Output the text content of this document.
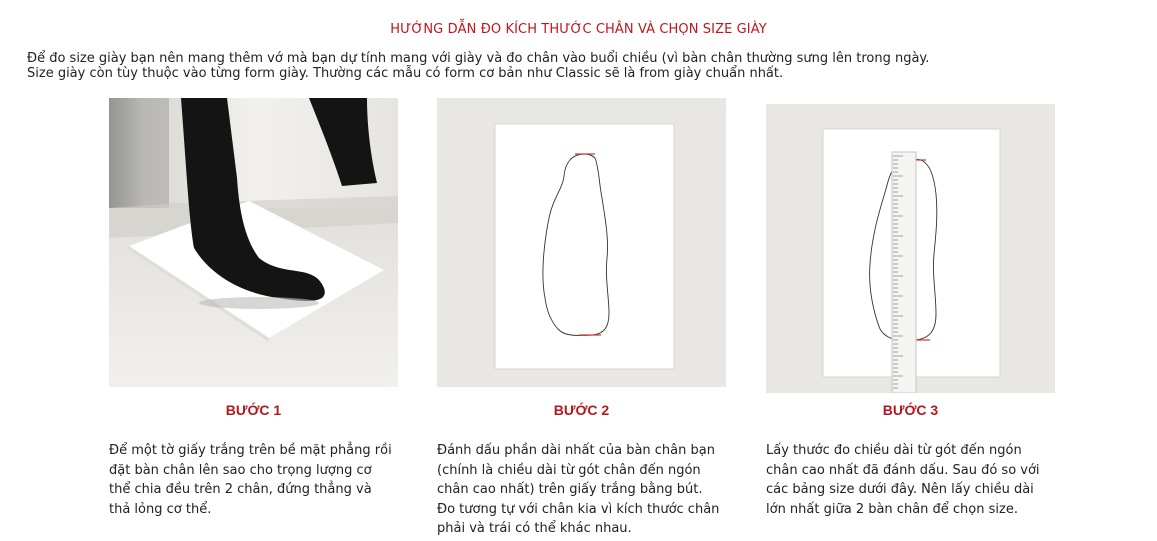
HƯỚNG DẪN ĐO KÍCH THƯỚC CHÂN VÀ CHỌN SIZE GIÀY
Để đo size giày bạn nên mang thêm vớ mà bạn dự tính mang với giày và đo chân vào buổi chiều (vì bàn chân thường sưng lên trong ngày.
Size giày còn tùy thuộc vào từng form giày. Thường các mẫu có form cơ bản như Classic sẽ là from giày chuẩn nhất.
BƯỚC 1	BƯỚC 2	BƯỚC 3
Để một tờ giấy trắng trên bề mặt phẳng rồi
đặt bàn chân lên sao cho trọng lượng cơ
thể chia đều trên 2 chân, đứng thẳng và
thả lỏng cơ thể.
Đánh dấu phần dài nhất của bàn chân bạn
(chính là chiều dài từ gót chân đến ngón
chân cao nhất) trên giấy trắng bằng bút.
Đo tương tự với chân kia vì kích thước chân
phải và trái có thể khác nhau.
Lấy thước đo chiều dài từ gót đến ngón
chân cao nhất đã đánh dấu. Sau đó so với
các bảng size dưới đây. Nên lấy chiều dài
lớn nhất giữa 2 bàn chân để chọn size.
